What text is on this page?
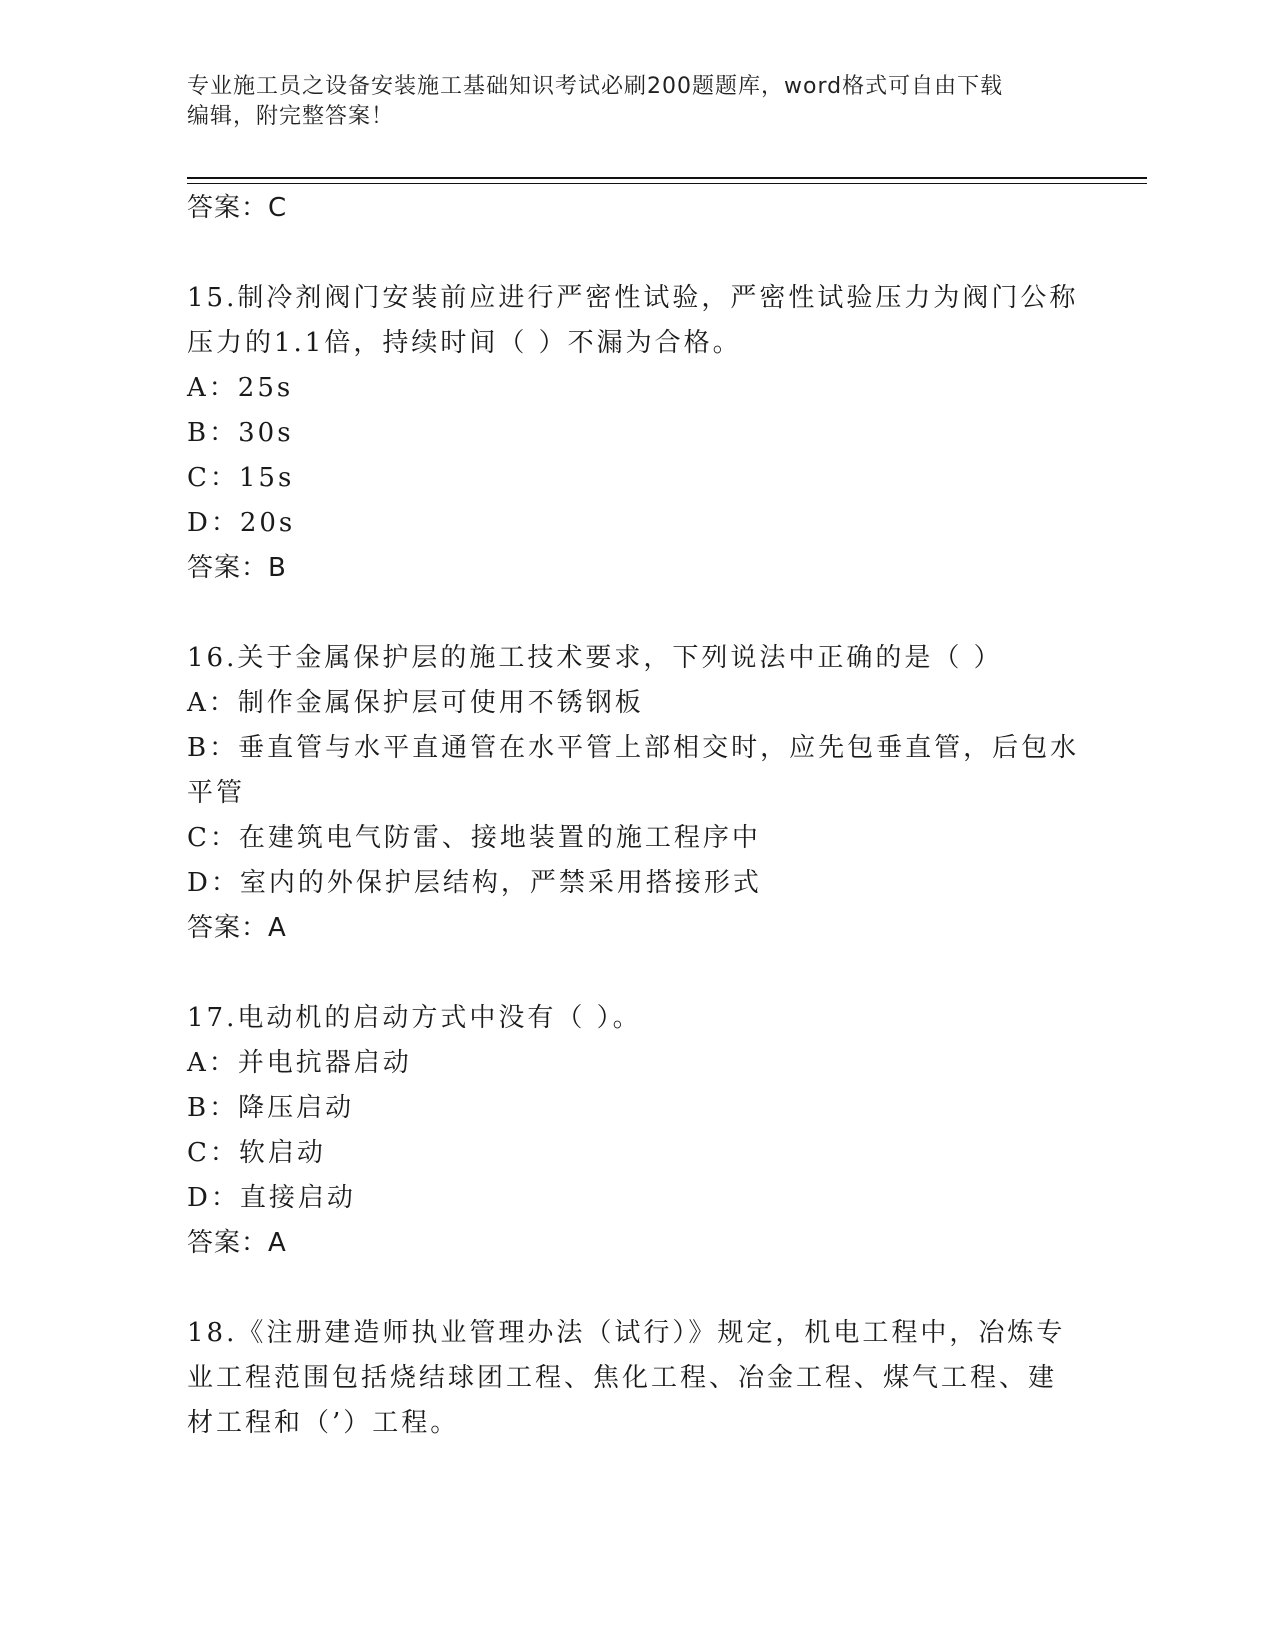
专业施工员之设备安装施工基础知识考试必刷200题题库，word格式可自由下载
编辑，附完整答案！
答案：C
15.制冷剂阀门安装前应进行严密性试验，严密性试验压力为阀门公称
压力的1.1倍，持续时间（ ）不漏为合格。
A：25s
B：30s
C：15s
D：20s
答案：B
16.关于金属保护层的施工技术要求，下列说法中正确的是（ ）
A：制作金属保护层可使用不锈钢板
B：垂直管与水平直通管在水平管上部相交时，应先包垂直管，后包水
平管
C：在建筑电气防雷、接地装置的施工程序中
D：室内的外保护层结构，严禁采用搭接形式
答案：A
17.电动机的启动方式中没有（ ）。
A：并电抗器启动
B：降压启动
C：软启动
D：直接启动
答案：A
18.《注册建造师执业管理办法（试行）》规定，机电工程中，冶炼专
业工程范围包括烧结球团工程、焦化工程、冶金工程、煤气工程、建
材工程和（’）工程。
